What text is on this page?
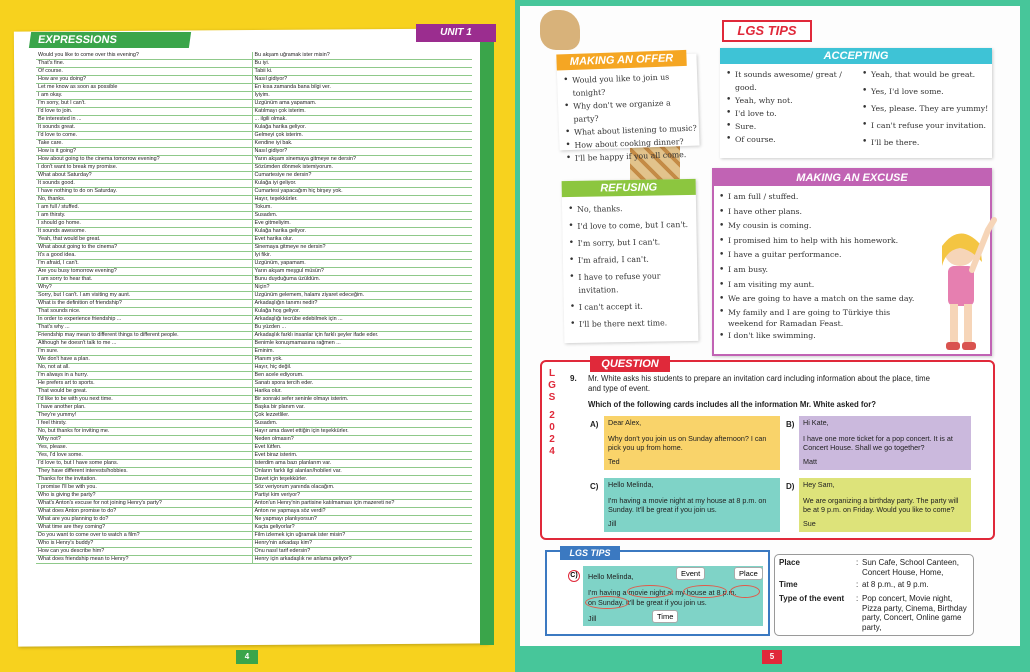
EXPRESSIONS
UNIT 1
Would you like to come over this evening?	Bu akşam uğramak ister misin?
That's fine.	Bu iyi.
Of course.	Tabii ki.
How are you doing?	Nasıl gidiyor?
Let me know as soon as possible	En kısa zamanda bana bilgi ver.
I am okay.	İyiyim.
I'm sorry, but I can't.	Üzgünüm ama yapamam.
I'd love to join.	Katılmayı çok isterim.
Be interested in ...	... ilgili olmak.
It sounds great.	Kulağa harika geliyor.
I'd love to come.	Gelmeyi çok isterim.
Take care.	Kendine iyi bak.
How is it going?	Nasıl gidiyor?
How about going to the cinema tomorrow evening?	Yarın akşam sinemaya gitmeye ne dersin?
I don't want to break my promise.	Sözümden dönmek istemiyorum.
What about Saturday?	Cumartesiye ne dersin?
It sounds good.	Kulağa iyi geliyor.
I have nothing to do on Saturday.	Cumartesi yapacağım hiç birşey yok.
No, thanks.	Hayır, teşekkürler.
I am full / stuffed.	Tokum.
I am thirsty.	Susadım.
I should go home.	Eve gitmeliyim.
It sounds awesome.	Kulağa harika geliyor.
Yeah, that would be great.	Evet harika olur.
What about going to the cinema?	Sinemaya gitmeye ne dersin?
It's a good idea.	İyi fikir.
I'm afraid, I can't.	Üzgünüm, yapamam.
Are you busy tomorrow evening?	Yarın akşam meşgul müsün?
I am sorry to hear that.	Bunu duyduğuma üzüldüm.
Why?	Niçin?
Sorry, but I can't. I am visiting my aunt.	Üzgünüm gelemem, halamı ziyaret edeceğim.
What is the definition of friendship?	Arkadaşlığın tanımı nedir?
That sounds nice.	Kulağa hoş geliyor.
In order to experience friendship ...	Arkadaşlığı tecrübe edebilmek için ...
That's why ...	Bu yüzden ...
Friendship may mean to different things to different people.	Arkadaşlık farklı insanlar için farklı şeyler ifade eder.
Although he doesn't talk to me ...	Benimle konuşmamasına rağmen ...
I'm sure.	Eminim.
We don't have a plan.	Planım yok.
No, not at all.	Hayır, hiç değil.
I'm always in a hurry.	Ben acele ediyorum.
He prefers art to sports.	Sanatı spora tercih eder.
That would be great.	Harika olur.
I'd like to be with you next time.	Bir sonraki sefer seninle olmayı isterim.
I have another plan.	Başka bir planım var.
They're yummy!	Çok lezzetliler.
I feel thirsty.	Susadım.
No, but thanks for inviting me.	Hayır ama davet ettiğin için teşekkürler.
Why not?	Neden olmasın?
Yes, please.	Evet lütfen.
Yes, I'd love some.	Evet biraz isterim.
I'd love to, but I have some plans.	İsterdim ama bazı planlarım var.
They have different interests/hobbies.	Onların farklı ilgi alanları/hobileri var.
Thanks for the invitation.	Davet için teşekkürler.
I promise I'll be with you.	Söz veriyorum yanında olacağım.
Who is giving the party?	Partiyi kim veriyor?
What's Anton's excuse for not joining Henry's party?	Anton'un Henry'nin partisine katılmaması için mazereti ne?
What does Anton promise to do?	Anton ne yapmaya söz verdi?
What are you planning to do?	Ne yapmayı planlıyorsun?
What time are they coming?	Kaçta geliyorlar?
Do you want to come over to watch a film?	Film izlemek için uğramak ister misin?
Who is Henry's buddy?	Henry'nin arkadaşı kim?
How can you describe him?	Onu nasıl tarif edersin?
What does friendship mean to Henry?	Henry için arkadaşlık ne anlama geliyor?
4
LGS TIPS
MAKING AN OFFER
• Would you like to join us tonight?
• Why don't we organize a party?
• What about listening to music?
• How about cooking dinner?
• I'll be happy if you all come.
ACCEPTING
• It sounds awesome/ great / good.
• Yeah, why not.
• I'd love to.
• Sure.
• Of course.
• Yeah, that would be great.
• Yes, I'd love some.
• Yes, please. They are yummy!
• I can't refuse your invitation.
• I'll be there.
REFUSING
• No, thanks.
• I'd love to come, but I can't.
• I'm sorry, but I can't.
• I'm afraid, I can't.
• I have to refuse your invitation.
• I can't accept it.
• I'll be there next time.
MAKING AN EXCUSE
• I am full / stuffed.
• I have other plans.
• My cousin is coming.
• I promised him to help with his homework.
• I have a guitar performance.
• I am busy.
• I am visiting my aunt.
• We are going to have a match on the same day.
• My family and I are going to Türkiye this weekend for Ramadan Feast.
• I don't like swimming.
QUESTION
L
G
S
2
0
2
4
9. Mr. White asks his students to prepare an invitation card including information about the place, time and type of event.
Which of the following cards includes all the information Mr. White asked for?
A)	Dear Alex,
Why don't you join us on Sunday afternoon? I can pick you up from home.
Ted
B)	Hi Kate,
I have one more ticket for a pop concert. It is at Concert House. Shall we go together?
Matt
C)	Hello Melinda,
I'm having a movie night at my house at 8 p.m. on Sunday. It'll be great if you join us.
Jill
D)	Hey Sam,
We are organizing a birthday party. The party will be at 9 p.m. on Friday. Would you like to come?
Sue
LGS TIPS
C)	Hello Melinda,
I'm having a movie night at my house at 8 p.m.
on Sunday. It'll be great if you join us.
Jill
Event	Place
Time
Place	: Sun Cafe, School Canteen, Concert House, Home,
Time	: at 8 p.m., at 9 p.m.
Type of the event : Pop concert, Movie night, Pizza party, Cinema, Birthday party, Concert, Online game party,
5
